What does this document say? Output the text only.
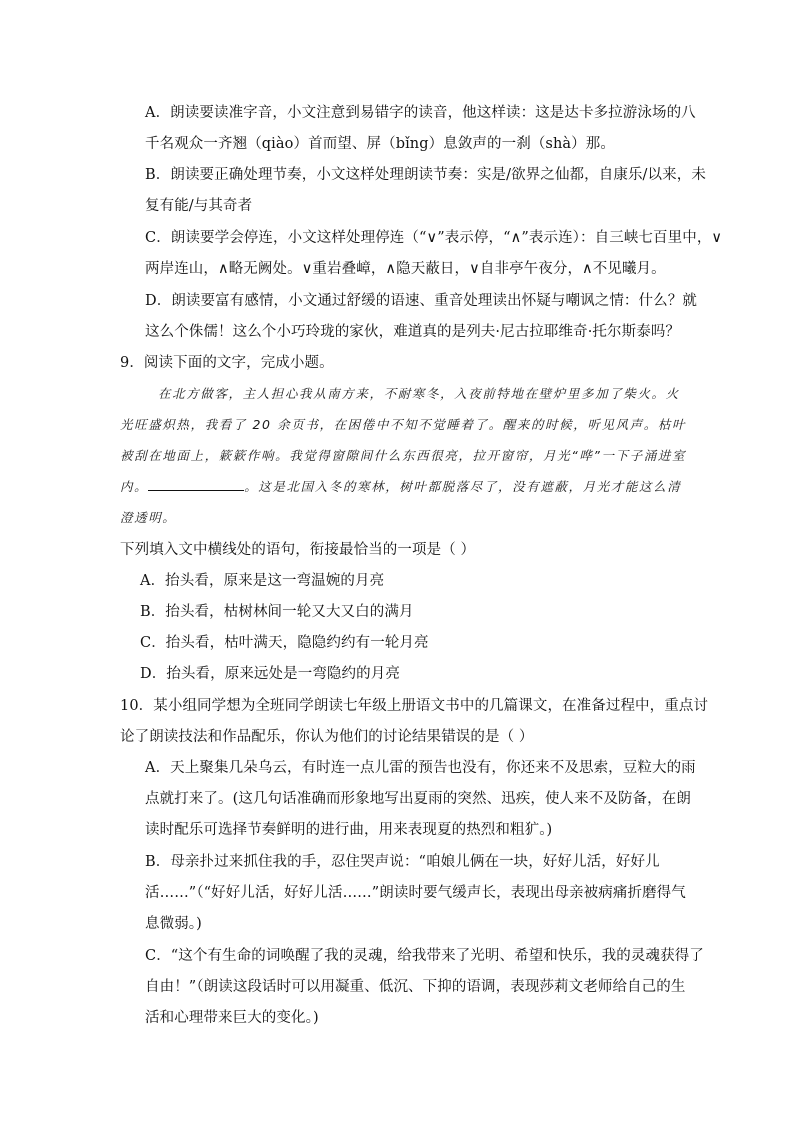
A．朗读要读准字音，小文注意到易错字的读音，他这样读：这是达卡多拉游泳场的八
千名观众一齐翘（qiào）首而望、屏（bǐng）息敛声的一刹（shà）那。
B．朗读要正确处理节奏，小文这样处理朗读节奏：实是/欲界之仙都，自康乐/以来，未
复有能/与其奇者
C．朗读要学会停连，小文这样处理停连（“∨”表示停，“∧”表示连）：自三峡七百里中，∨
两岸连山，∧略无阙处。∨重岩叠嶂，∧隐天蔽日，∨自非亭午夜分，∧不见曦月。
D．朗读要富有感情，小文通过舒缓的语速、重音处理读出怀疑与嘲讽之情：什么？就
这么个侏儒！这么个小巧玲珑的家伙，难道真的是列夫·尼古拉耶维奇·托尔斯泰吗？
9．阅读下面的文字，完成小题。
在北方做客，主人担心我从南方来，不耐寒冬，入夜前特地在壁炉里多加了柴火。火
光旺盛炽热，我看了 20 余页书，在困倦中不知不觉睡着了。醒来的时候，听见风声。枯叶
被刮在地面上，簌簌作响。我觉得窗隙间什么东西很亮，拉开窗帘，月光“哗”一下子涌进室
内。	。这是北国入冬的寒林，树叶都脱落尽了，没有遮蔽，月光才能这么清
澄透明。
下列填入文中横线处的语句，衔接最恰当的一项是（ ）
A．抬头看，原来是这一弯温婉的月亮
B．抬头看，枯树林间一轮又大又白的满月
C．抬头看，枯叶满天，隐隐约约有一轮月亮
D．抬头看，原来远处是一弯隐约的月亮
10．某小组同学想为全班同学朗读七年级上册语文书中的几篇课文，在准备过程中，重点讨
论了朗读技法和作品配乐，你认为他们的讨论结果错误的是（ ）
A．天上聚集几朵乌云，有时连一点儿雷的预告也没有，你还来不及思索，豆粒大的雨
点就打来了。(这几句话准确而形象地写出夏雨的突然、迅疾，使人来不及防备，在朗
读时配乐可选择节奏鲜明的进行曲，用来表现夏的热烈和粗犷。)
B．母亲扑过来抓住我的手，忍住哭声说：“咱娘儿俩在一块，好好儿活，好好儿
活……”（“好好儿活，好好儿活……”朗读时要气缓声长，表现出母亲被病痛折磨得气
息微弱。)
C．“这个有生命的词唤醒了我的灵魂，给我带来了光明、希望和快乐，我的灵魂获得了
自由！”（朗读这段话时可以用凝重、低沉、下抑的语调，表现莎莉文老师给自己的生
活和心理带来巨大的变化。)
